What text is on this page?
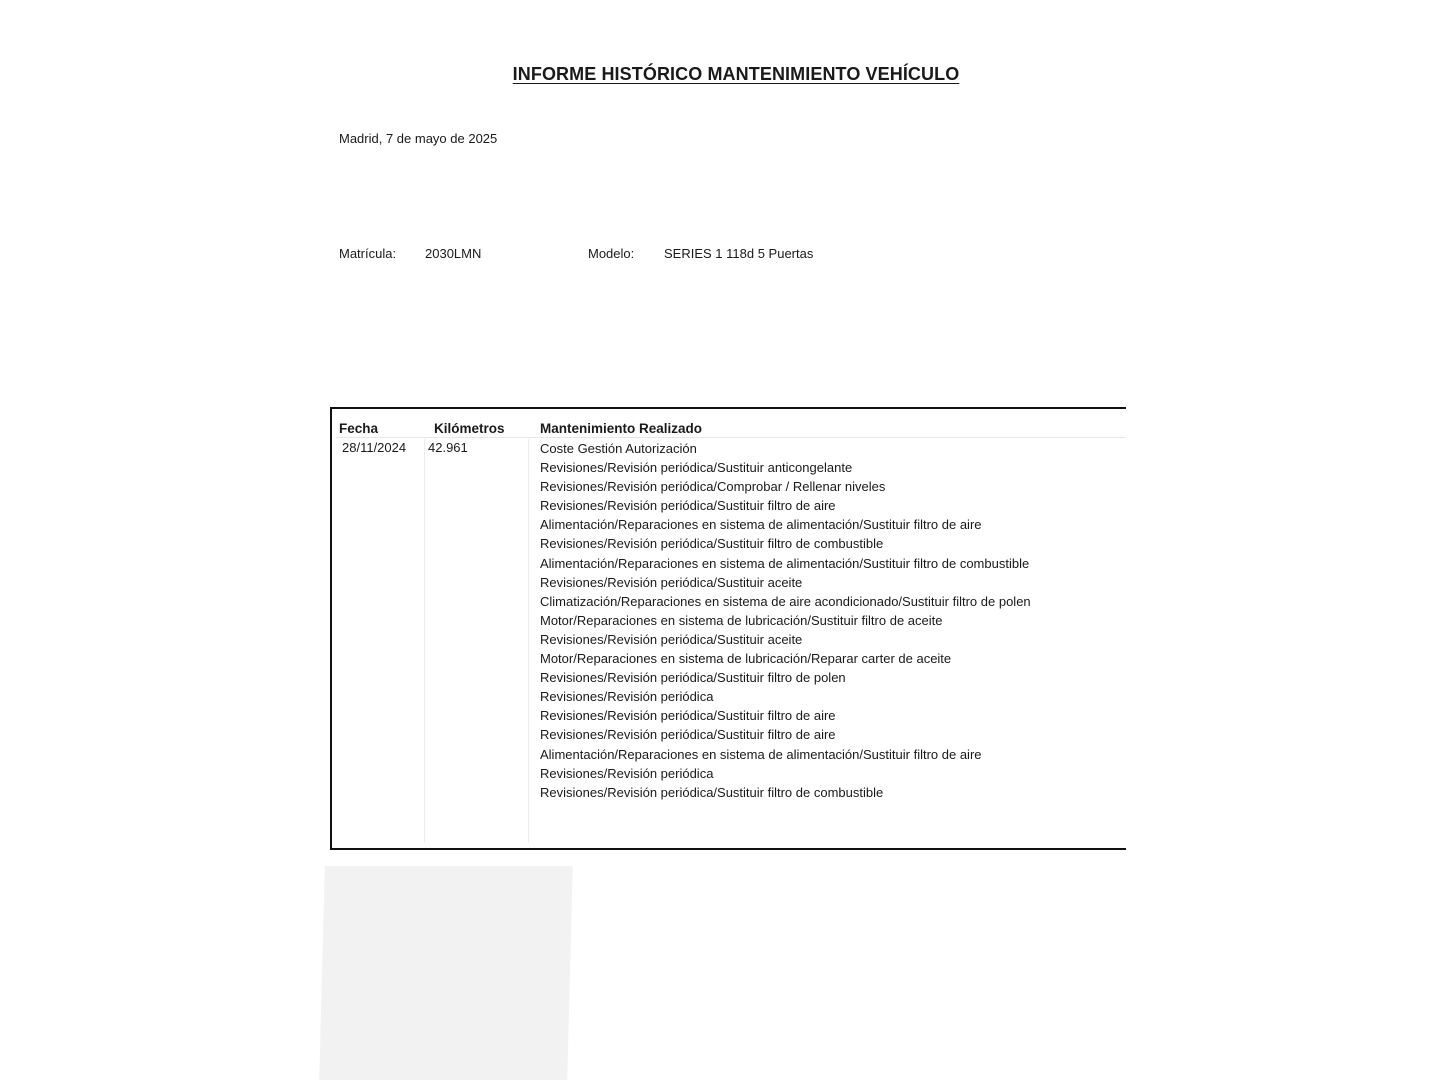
INFORME HISTÓRICO MANTENIMIENTO VEHÍCULO
Madrid, 7 de mayo de 2025
Matrícula: 2030LMN	Modelo: SERIES 1 118d 5 Puertas
Fecha	Kilómetros	Mantenimiento Realizado
28/11/2024 42.961	Coste Gestión Autorización
Revisiones/Revisión periódica/Sustituir anticongelante
Revisiones/Revisión periódica/Comprobar / Rellenar niveles
Revisiones/Revisión periódica/Sustituir filtro de aire
Alimentación/Reparaciones en sistema de alimentación/Sustituir filtro de aire
Revisiones/Revisión periódica/Sustituir filtro de combustible
Alimentación/Reparaciones en sistema de alimentación/Sustituir filtro de combustible
Revisiones/Revisión periódica/Sustituir aceite
Climatización/Reparaciones en sistema de aire acondicionado/Sustituir filtro de polen
Motor/Reparaciones en sistema de lubricación/Sustituir filtro de aceite
Revisiones/Revisión periódica/Sustituir aceite
Motor/Reparaciones en sistema de lubricación/Reparar carter de aceite
Revisiones/Revisión periódica/Sustituir filtro de polen
Revisiones/Revisión periódica
Revisiones/Revisión periódica/Sustituir filtro de aire
Revisiones/Revisión periódica/Sustituir filtro de aire
Alimentación/Reparaciones en sistema de alimentación/Sustituir filtro de aire
Revisiones/Revisión periódica
Revisiones/Revisión periódica/Sustituir filtro de combustible
